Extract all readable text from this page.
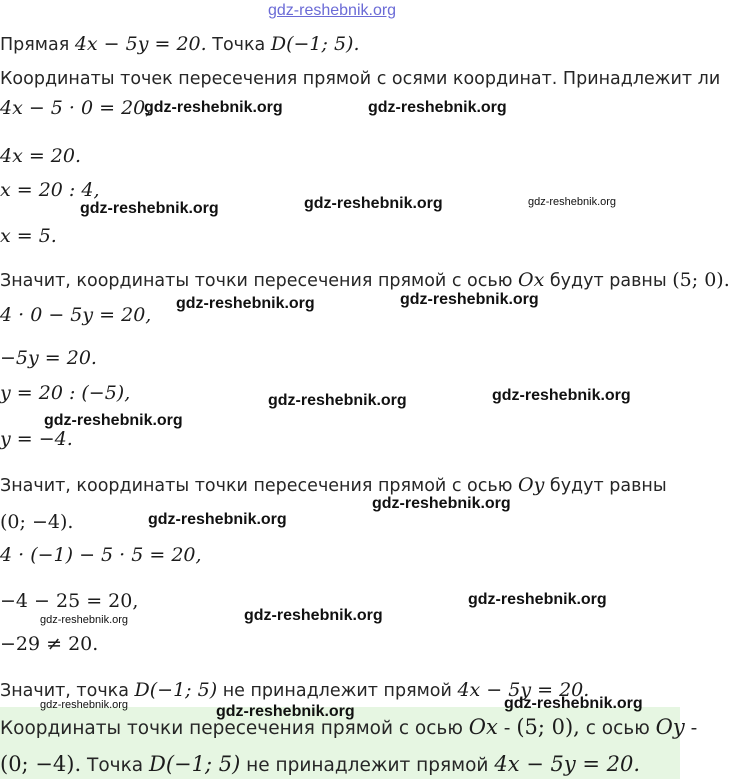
gdz-reshebnik.org
Прямая 4x − 5y = 20. Точка D(−1; 5).
Координаты точек пересечения прямой с осями координат. Принадлежит ли
4x − 5 · 0 = 20,
4x = 20.
x = 20 : 4,
x = 5.
Значит, координаты точки пересечения прямой с осью Ox будут равны (5; 0).
4 · 0 − 5y = 20,
−5y = 20.
y = 20 : (−5),
y = −4.
Значит, координаты точки пересечения прямой с осью Oy будут равны
(0; −4).
4 · (−1) − 5 · 5 = 20,
−4 − 25 = 20,
−29 ≠ 20.
Значит, точка D(−1; 5) не принадлежит прямой 4x − 5y = 20.
Координаты точки пересечения прямой с осью Ox - (5; 0), с осью Oy -
(0; −4). Точка D(−1; 5) не принадлежит прямой 4x − 5y = 20.
gdz-reshebnik.org	gdz-reshebnik.org
gdz-reshebnik.org	gdz-reshebnik.org	gdz-reshebnik.org
gdz-reshebnik.org	gdz-reshebnik.org
gdz-reshebnik.org	gdz-reshebnik.org
gdz-reshebnik.org
gdz-reshebnik.org
gdz-reshebnik.org
gdz-reshebnik.org
gdz-reshebnik.org	gdz-reshebnik.org
gdz-reshebnik.org
gdz-reshebnik.org	gdz-reshebnik.org
